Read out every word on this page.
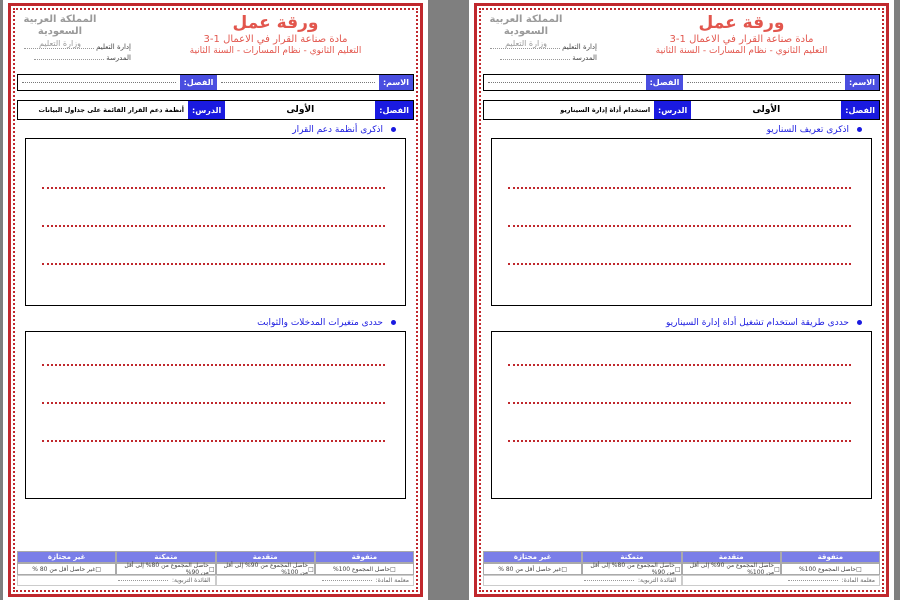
المملكة العربية السعودية
وزارة التعليم	إدارة التعليم
المدرسة
ورقة عمل
مادة صناعة القرار في الاعمال 1-3
التعليم الثانوي - نظام المسارات - السنة الثانية
الاسم:
الفصل:
الفصل:
الأولى
الدرس:
أنظمة دعم القرار القائمة على جداول البيانات
اذكرى أنظمة دعم القرار
حددى متغيرات المدخلات والثوابت
متفوقة
متقدمة
متمكنة
غير مجتازة
□
حاصل المجموع 100%
□
حاصل المجموع من 90% إلى أقل من 100%
□
حاصل المجموع من 80% إلى أقل من 90%
□
غير حاصل أقل من 80 %
معلمة المادة:
القائدة التربوية:
المملكة العربية السعودية
وزارة التعليم	إدارة التعليم
المدرسة
ورقة عمل
مادة صناعة القرار في الاعمال 1-3
التعليم الثانوي - نظام المسارات - السنة الثانية
الاسم:
الفصل:
الفصل:
الأولى
الدرس:
استخدام أداة إدارة السيناريو
اذكرى تعريف السناريو
حددى طريقة استخدام تشغيل أداة إدارة السيناريو
متفوقة
متقدمة
متمكنة
غير مجتازة
□
حاصل المجموع 100%
□
حاصل المجموع من 90% إلى أقل من 100%
□
حاصل المجموع من 80% إلى أقل من 90%
□
غير حاصل أقل من 80 %
معلمة المادة:
القائدة التربوية:
